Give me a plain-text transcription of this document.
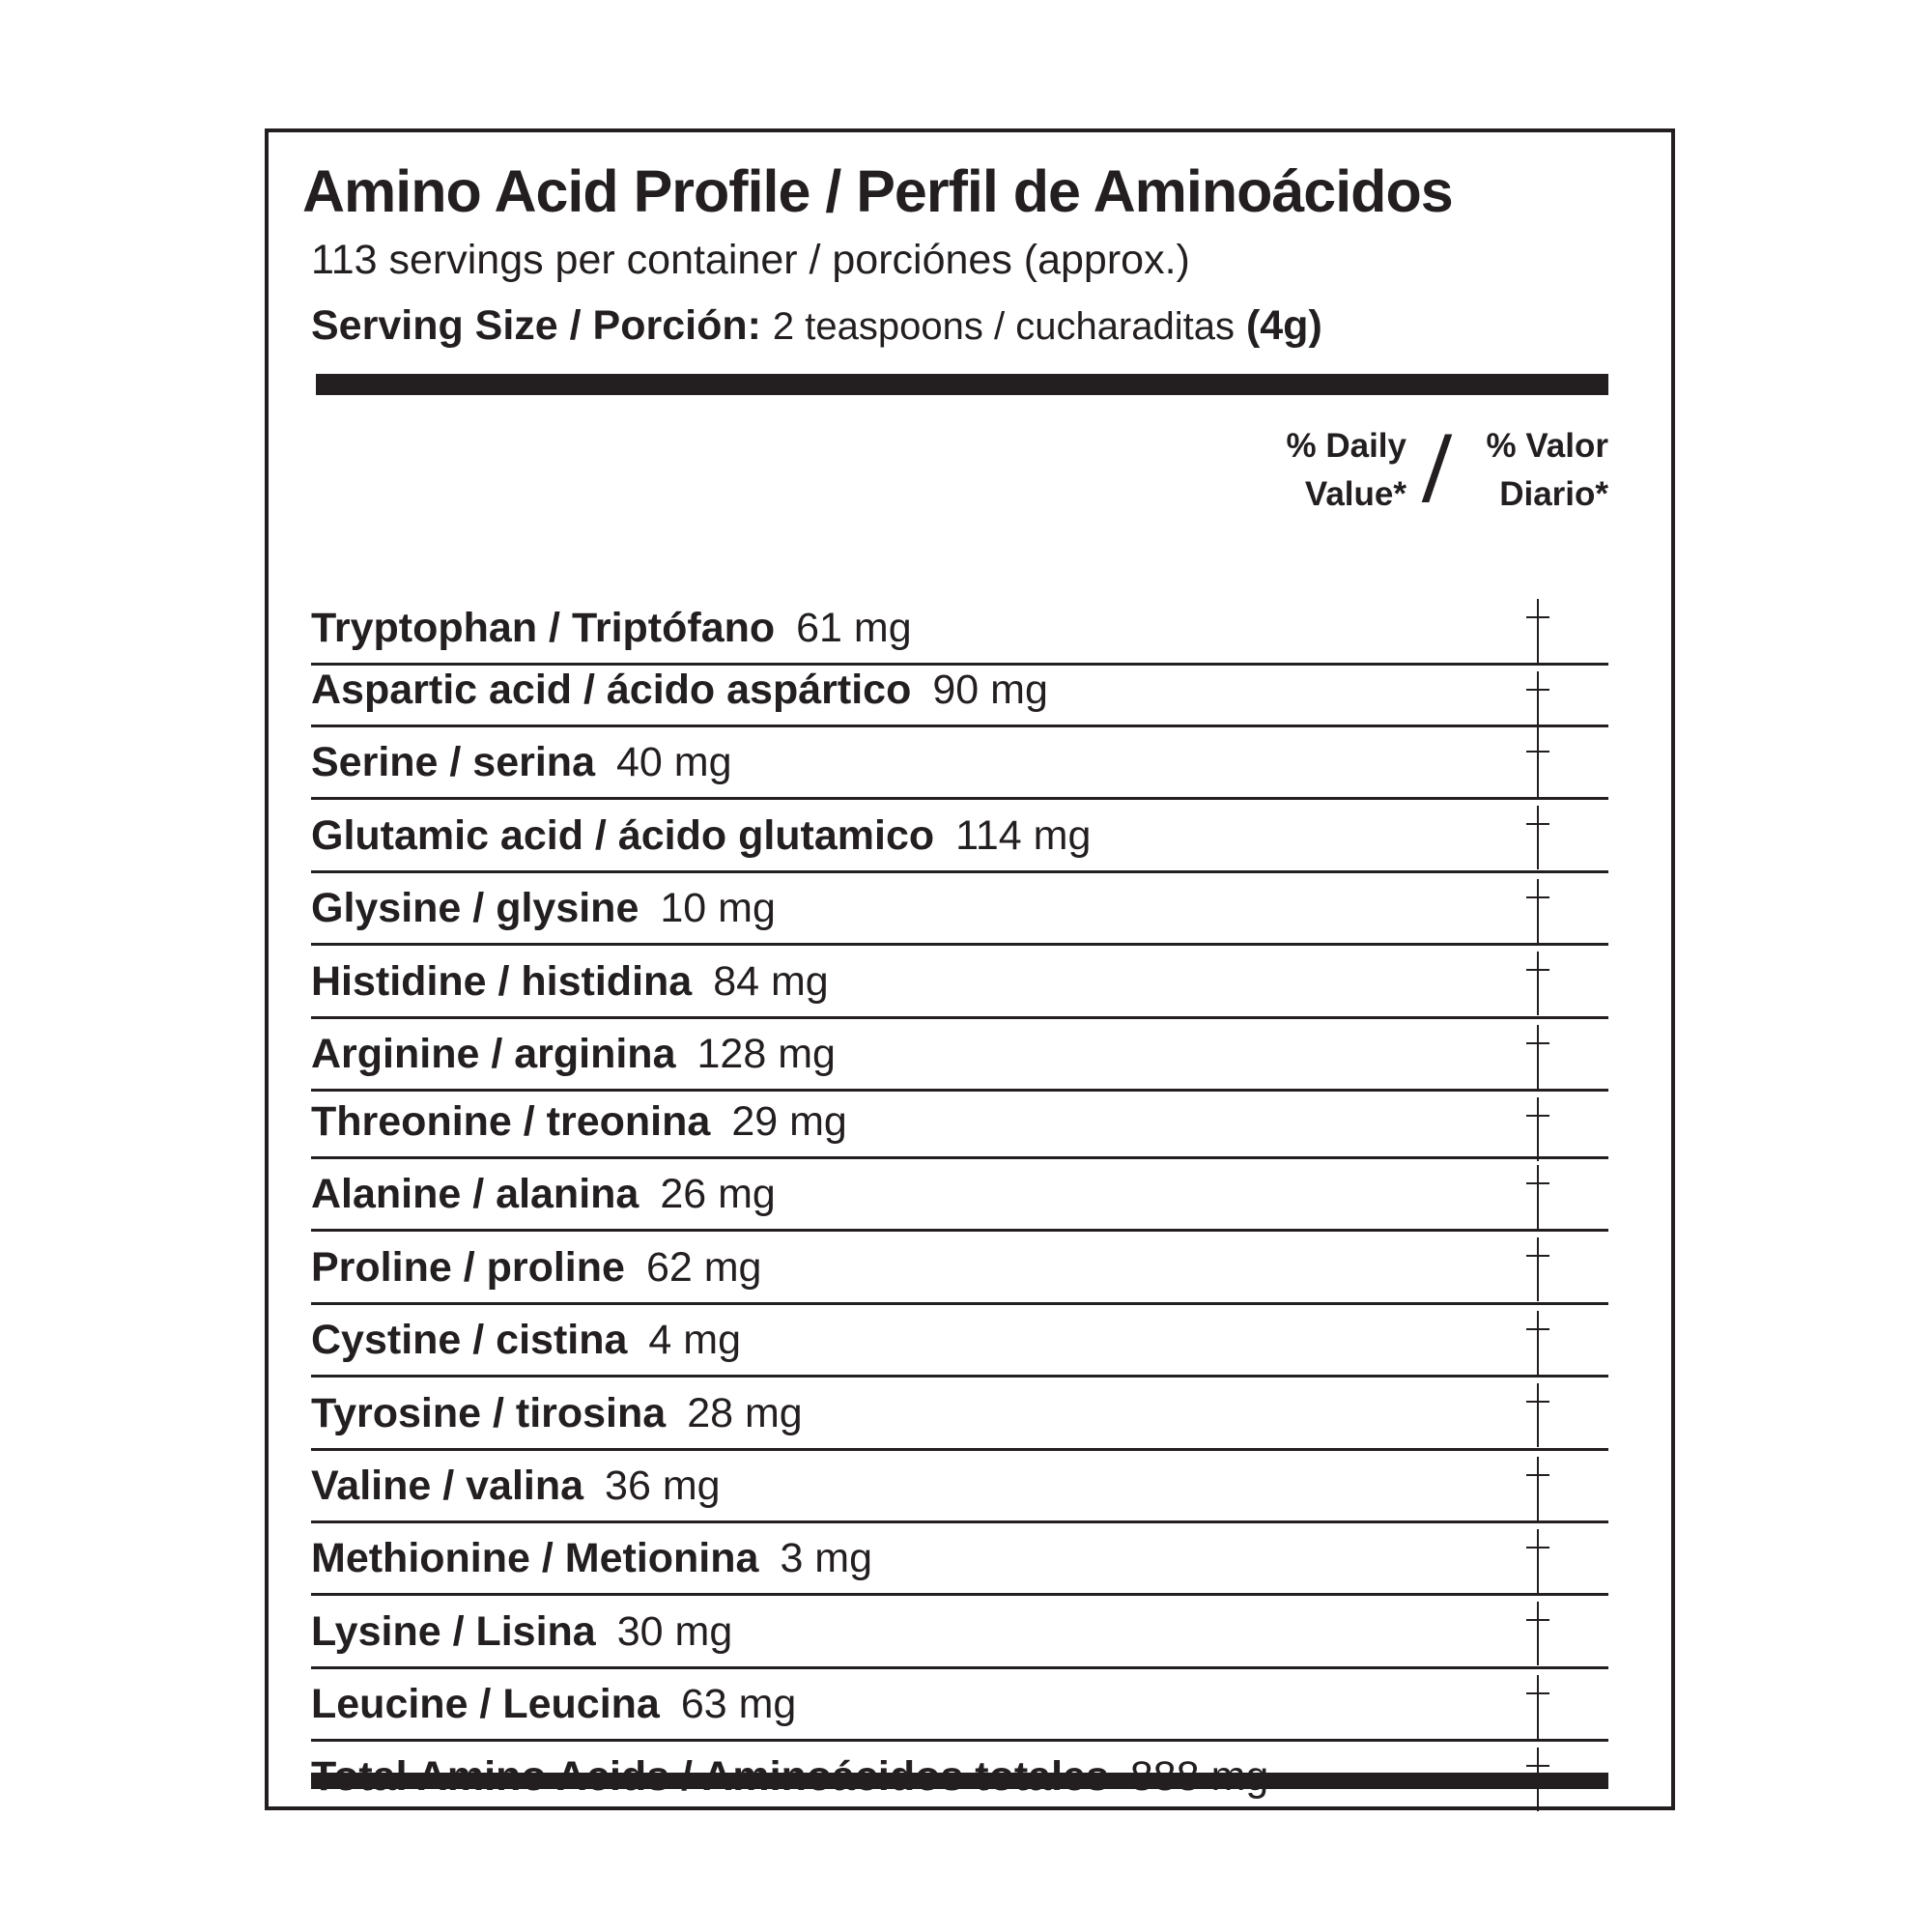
Amino Acid Profile / Perfil de Aminoácidos
113 servings per container / porciónes (approx.)
Serving Size / Porción: 2 teaspoons / cucharaditas (4g)
% Daily
Value* / % Valor
Diario*
Tryptophan / Triptófano 61 mg
Aspartic acid / ácido aspártico 90 mg
Serine / serina 40 mg
Glutamic acid / ácido glutamico 114 mg
Glysine / glysine 10 mg
Histidine / histidina 84 mg
Arginine / arginina 128 mg
Threonine / treonina 29 mg
Alanine / alanina 26 mg
Proline / proline 62 mg
Cystine / cistina 4 mg
Tyrosine / tirosina 28 mg
Valine / valina 36 mg
Methionine / Metionina 3 mg
Lysine / Lisina 30 mg
Leucine / Leucina 63 mg
